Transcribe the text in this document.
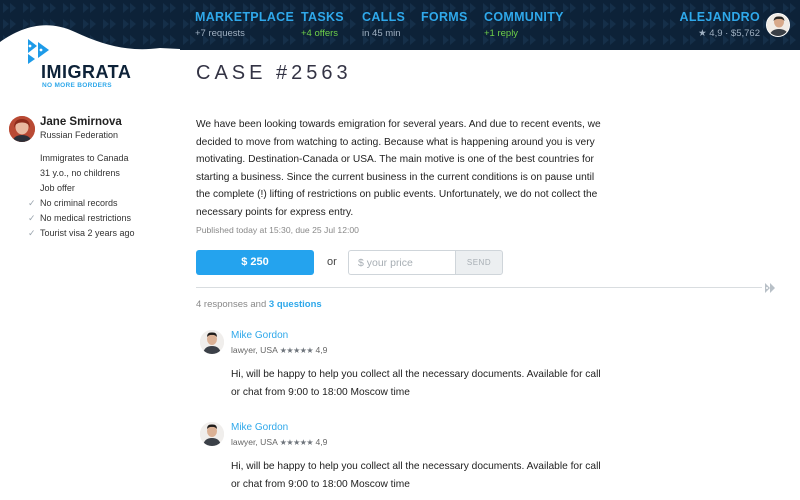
MARKETPLACE
+7 requests
TASKS
+4 offers
CALLS
in 45 min
FORMS COMMUNITY
+1 reply
ALEJANDRO
★ 4,9 · $5,762
IMIGRATA
NO MORE BORDERS
Jane Smirnova
Russian Federation
Immigrates to Canada
31 y.o., no childrens
Job offer
✓ No criminal records
✓ No medical restrictions
✓ Tourist visa 2 years ago
CASE #2563

We have been looking towards emigration for several years. And due to recent events, we decided to move from watching to acting. Because what is happening around you is very motivating. Destination-Canada or USA. The main motive is one of the best countries for starting a business. Since the current business in the current conditions is on pause until the complete (!) lifting of restrictions on public events. Unfortunately, we do not collect the necessary points for express entry.

Published today at 15:30, due 25 Jul 12:00
$ 250	or
$ your price	SEND
4 responses and 3 questions
Mike Gordon
lawyer, USA ★★★★★ 4,9
Hi, will be happy to help you collect all the necessary documents. Available for call or chat from 9:00 to 18:00 Moscow time
Mike Gordon
lawyer, USA ★★★★★ 4,9
Hi, will be happy to help you collect all the necessary documents. Available for call or chat from 9:00 to 18:00 Moscow time
